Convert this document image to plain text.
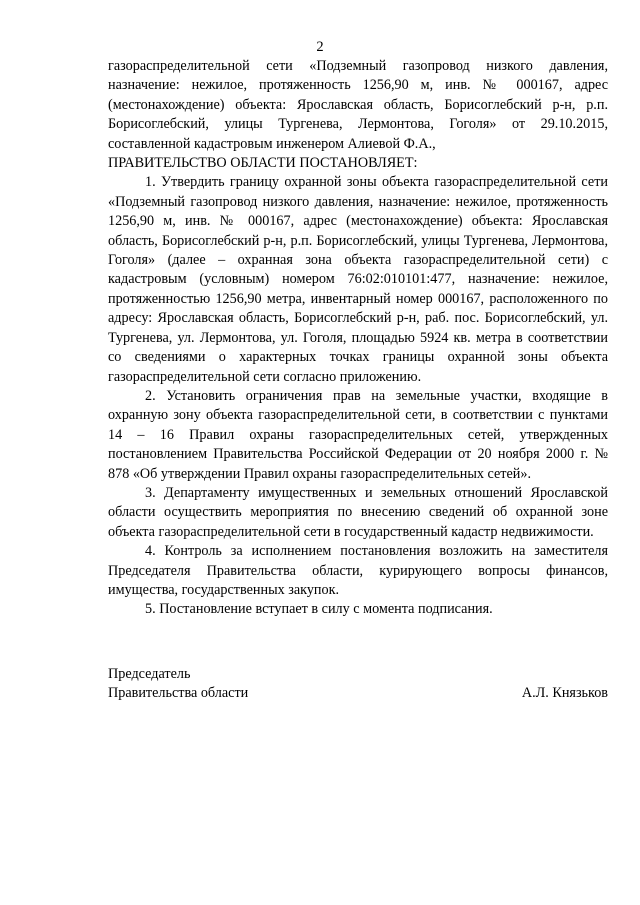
2

газораспределительной сети «Подземный газопровод низкого давления, назначение: нежилое, протяженность 1256,90 м, инв. № 000167, адрес (местонахождение) объекта: Ярославская область, Борисоглебский р-н, р.п. Борисоглебский, улицы Тургенева, Лермонтова, Гоголя» от 29.10.2015, составленной кадастровым инженером Алиевой Ф.А.,

ПРАВИТЕЛЬСТВО ОБЛАСТИ ПОСТАНОВЛЯЕТ:

1. Утвердить границу охранной зоны объекта газораспределительной сети «Подземный газопровод низкого давления, назначение: нежилое, протяженность 1256,90 м, инв. № 000167, адрес (местонахождение) объекта: Ярославская область, Борисоглебский р-н, р.п. Борисоглебский, улицы Тургенева, Лермонтова, Гоголя» (далее – охранная зона объекта газораспределительной сети) с кадастровым (условным) номером 76:02:010101:477, назначение: нежилое, протяженностью 1256,90 метра, инвентарный номер 000167, расположенного по адресу: Ярославская область, Борисоглебский р-н, раб. пос. Борисоглебский, ул. Тургенева, ул. Лермонтова, ул. Гоголя, площадью 5924 кв. метра в соответствии со сведениями о характерных точках границы охранной зоны объекта газораспределительной сети согласно приложению.

2. Установить ограничения прав на земельные участки, входящие в охранную зону объекта газораспределительной сети, в соответствии с пунктами 14 – 16 Правил охраны газораспределительных сетей, утвержденных постановлением Правительства Российской Федерации от 20 ноября 2000 г. № 878 «Об утверждении Правил охраны газораспределительных сетей».

3. Департаменту имущественных и земельных отношений Ярославской области осуществить мероприятия по внесению сведений об охранной зоне объекта газораспределительной сети в государственный кадастр недвижимости.

4. Контроль за исполнением постановления возложить на заместителя Председателя Правительства области, курирующего вопросы финансов, имущества, государственных закупок.

5. Постановление вступает в силу с момента подписания.

Председатель
Правительства области	А.Л. Князьков
